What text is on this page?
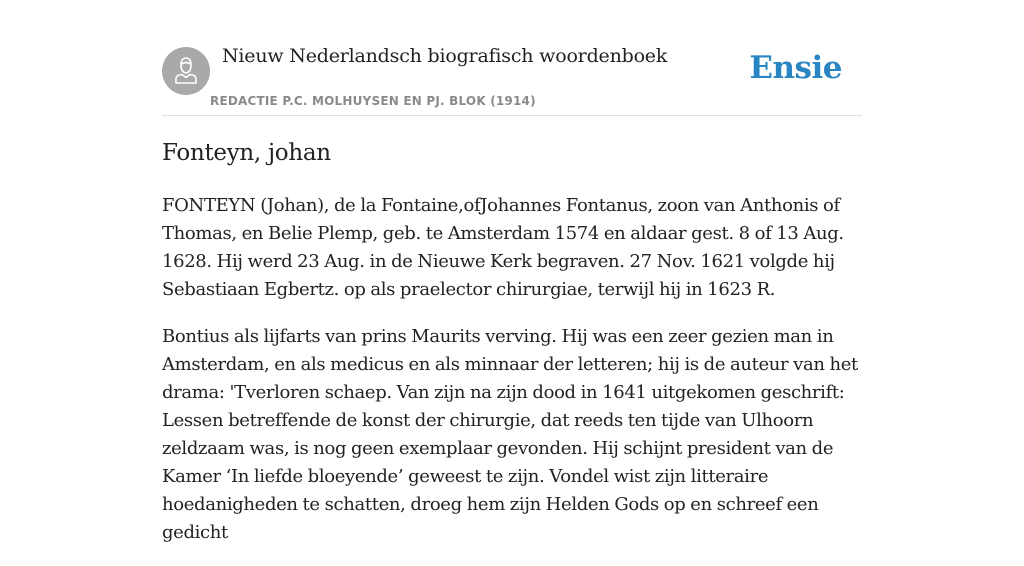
Nieuw Nederlandsch biografisch woordenboek
REDACTIE P.C. MOLHUYSEN EN PJ. BLOK (1914)
Ensie
Fonteyn, johan

FONTEYN (Johan), de la Fontaine,ofJohannes Fontanus, zoon van Anthonis of Thomas, en Belie Plemp, geb. te Amsterdam 1574 en aldaar gest. 8 of 13 Aug. 1628. Hij werd 23 Aug. in de Nieuwe Kerk begraven. 27 Nov. 1621 volgde hij Sebastiaan Egbertz. op als praelector chirurgiae, terwijl hij in 1623 R.

Bontius als lijfarts van prins Maurits verving. Hij was een zeer gezien man in Amsterdam, en als medicus en als minnaar der letteren; hij is de auteur van het drama: 'Tverloren schaep. Van zijn na zijn dood in 1641 uitgekomen geschrift: Lessen betreffende de konst der chirurgie, dat reeds ten tijde van Ulhoorn zeldzaam was, is nog geen exemplaar gevonden. Hij schijnt president van de Kamer ‘In liefde bloeyende’ geweest te zijn. Vondel wist zijn litteraire hoedanigheden te schatten, droeg hem zijn Helden Gods op en schreef een gedicht
